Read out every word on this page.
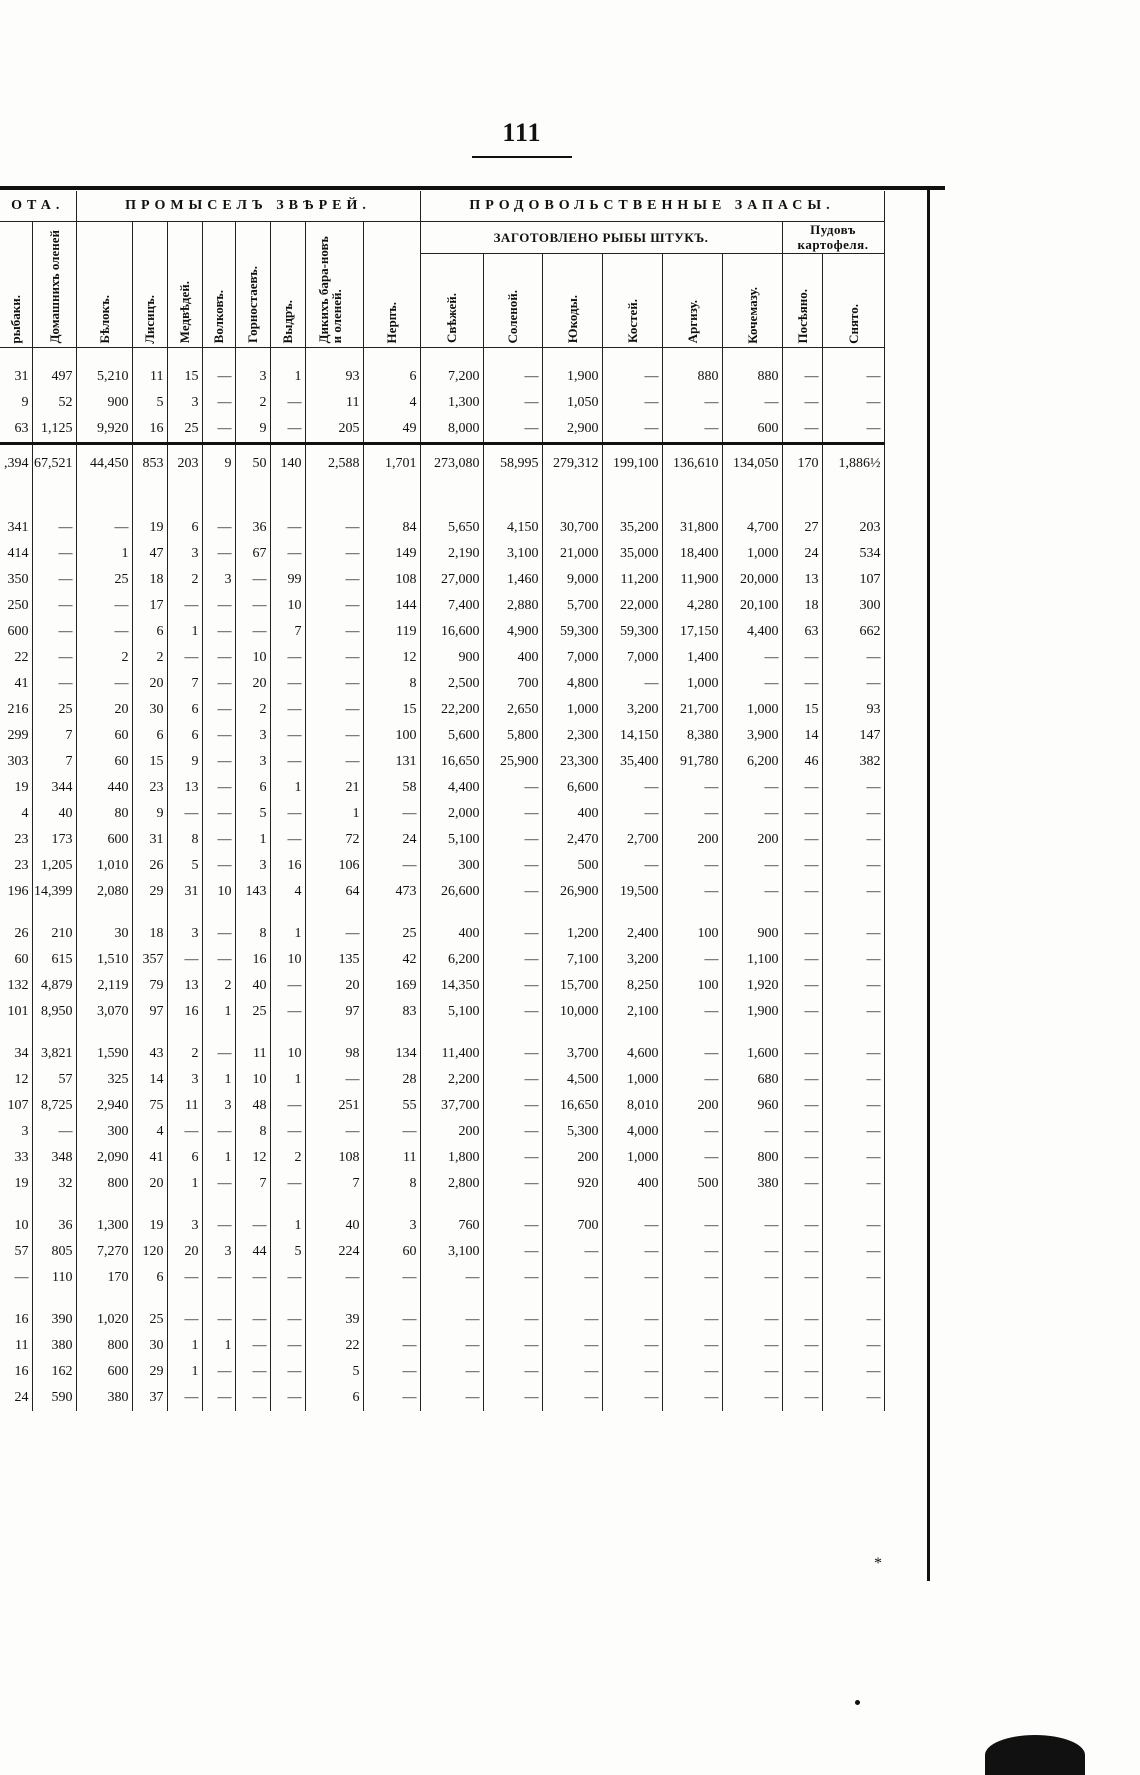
111
ОТА.		ПРОМЫСЕЛЪ ЗВѢРЕЙ.								ПРОДОВОЛЬСТВЕННЫЕ ЗАПАСЫ.							
рыбаки.	Домашнихъ оленей	Бѣлокъ.	Лисицъ.	Медвѣдей.	Волковъ.	Горностаевъ.	Выдръ.	Дикихъ бара-новъ и оленей.	Нерпъ.	ЗАГОТОВЛЕНО РЫБЫ ШТУКЪ.						Пудовъ картофеля.	
										Свѣжей.	Соленой.	Юкоды.	Костей.	Аргизу.	Кочемазу.	Посѣяно.	Снято.

31	497	5,210	11	15	—	3	1	93	6	7,200	—	1,900	—	880	880	—	—
9	52	900	5	3	—	2	—	11	4	1,300	—	1,050	—	—	—	—	—
63	1,125	9,920	16	25	—	9	—	205	49	8,000	—	2,900	—	—	600	—	—
,394	67,521	44,450	853	203	9	50	140	2,588	1,701	273,080	58,995	279,312	199,100	136,610	134,050	170	1,886½

341	—	—	19	6	—	36	—	—	84	5,650	4,150	30,700	35,200	31,800	4,700	27	203
414	—	1	47	3	—	67	—	—	149	2,190	3,100	21,000	35,000	18,400	1,000	24	534
350	—	25	18	2	3	—	99	—	108	27,000	1,460	9,000	11,200	11,900	20,000	13	107
250	—	—	17	—	—	—	10	—	144	7,400	2,880	5,700	22,000	4,280	20,100	18	300
600	—	—	6	1	—	—	7	—	119	16,600	4,900	59,300	59,300	17,150	4,400	63	662
22	—	2	2	—	—	10	—	—	12	900	400	7,000	7,000	1,400	—	—	—
41	—	—	20	7	—	20	—	—	8	2,500	700	4,800	—	1,000	—	—	—
216	25	20	30	6	—	2	—	—	15	22,200	2,650	1,000	3,200	21,700	1,000	15	93
299	7	60	6	6	—	3	—	—	100	5,600	5,800	2,300	14,150	8,380	3,900	14	147
303	7	60	15	9	—	3	—	—	131	16,650	25,900	23,300	35,400	91,780	6,200	46	382
19	344	440	23	13	—	6	1	21	58	4,400	—	6,600	—	—	—	—	—
4	40	80	9	—	—	5	—	1	—	2,000	—	400	—	—	—	—	—
23	173	600	31	8	—	1	—	72	24	5,100	—	2,470	2,700	200	200	—	—
23	1,205	1,010	26	5	—	3	16	106	—	300	—	500	—	—	—	—	—
196	14,399	2,080	29	31	10	143	4	64	473	26,600	—	26,900	19,500	—	—	—	—

26	210	30	18	3	—	8	1	—	25	400	—	1,200	2,400	100	900	—	—
60	615	1,510	357	—	—	16	10	135	42	6,200	—	7,100	3,200	—	1,100	—	—
132	4,879	2,119	79	13	2	40	—	20	169	14,350	—	15,700	8,250	100	1,920	—	—
101	8,950	3,070	97	16	1	25	—	97	83	5,100	—	10,000	2,100	—	1,900	—	—

34	3,821	1,590	43	2	—	11	10	98	134	11,400	—	3,700	4,600	—	1,600	—	—
12	57	325	14	3	1	10	1	—	28	2,200	—	4,500	1,000	—	680	—	—
107	8,725	2,940	75	11	3	48	—	251	55	37,700	—	16,650	8,010	200	960	—	—
3	—	300	4	—	—	8	—	—	—	200	—	5,300	4,000	—	—	—	—
33	348	2,090	41	6	1	12	2	108	11	1,800	—	200	1,000	—	800	—	—
19	32	800	20	1	—	7	—	7	8	2,800	—	920	400	500	380	—	—

10	36	1,300	19	3	—	—	1	40	3	760	—	700	—	—	—	—	—
57	805	7,270	120	20	3	44	5	224	60	3,100	—	—	—	—	—	—	—
—	110	170	6	—	—	—	—	—	—	—	—	—	—	—	—	—	—

16	390	1,020	25	—	—	—	—	39	—	—	—	—	—	—	—	—	—
11	380	800	30	1	1	—	—	22	—	—	—	—	—	—	—	—	—
16	162	600	29	1	—	—	—	5	—	—	—	—	—	—	—	—	—
24	590	380	37	—	—	—	—	6	—	—	—	—	—	—	—	—	—
*
